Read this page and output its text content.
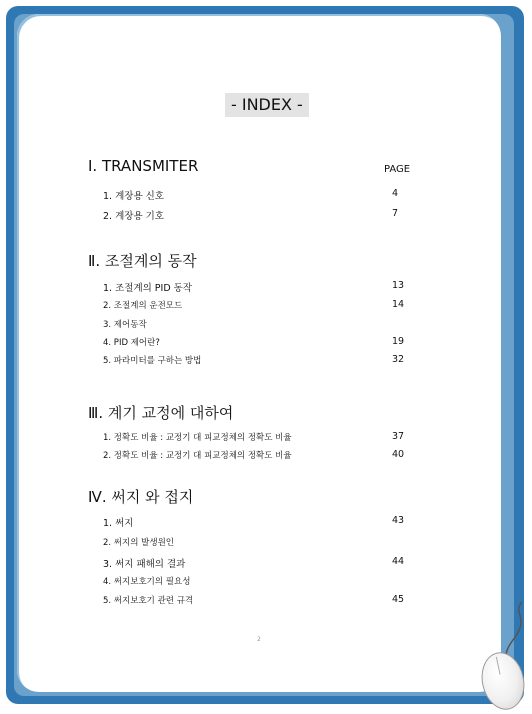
- INDEX -
PAGE
Ⅰ. TRANSMITER
1. 계장용 신호	4
2. 계장용 기호	7
Ⅱ. 조절계의 동작
1. 조절계의 PID 동작	13
2. 조절계의 운전모드	14
3. 제어동작
4. PID 제어란?	19
5. 파라미터를 구하는 방법	32
Ⅲ. 계기 교정에 대하여
1. 정확도 비율 : 교정기 대 피교정체의 정확도 비율	37
2. 정확도 비율 : 교정기 대 피교정체의 정확도 비율	40
Ⅳ. 써지 와 접지
1. 써지	43
2. 써지의 발생원인
3. 써지 패해의 결과	44
4. 써지보호기의 필요성
5. 써지보호기 관련 규격	45
2
